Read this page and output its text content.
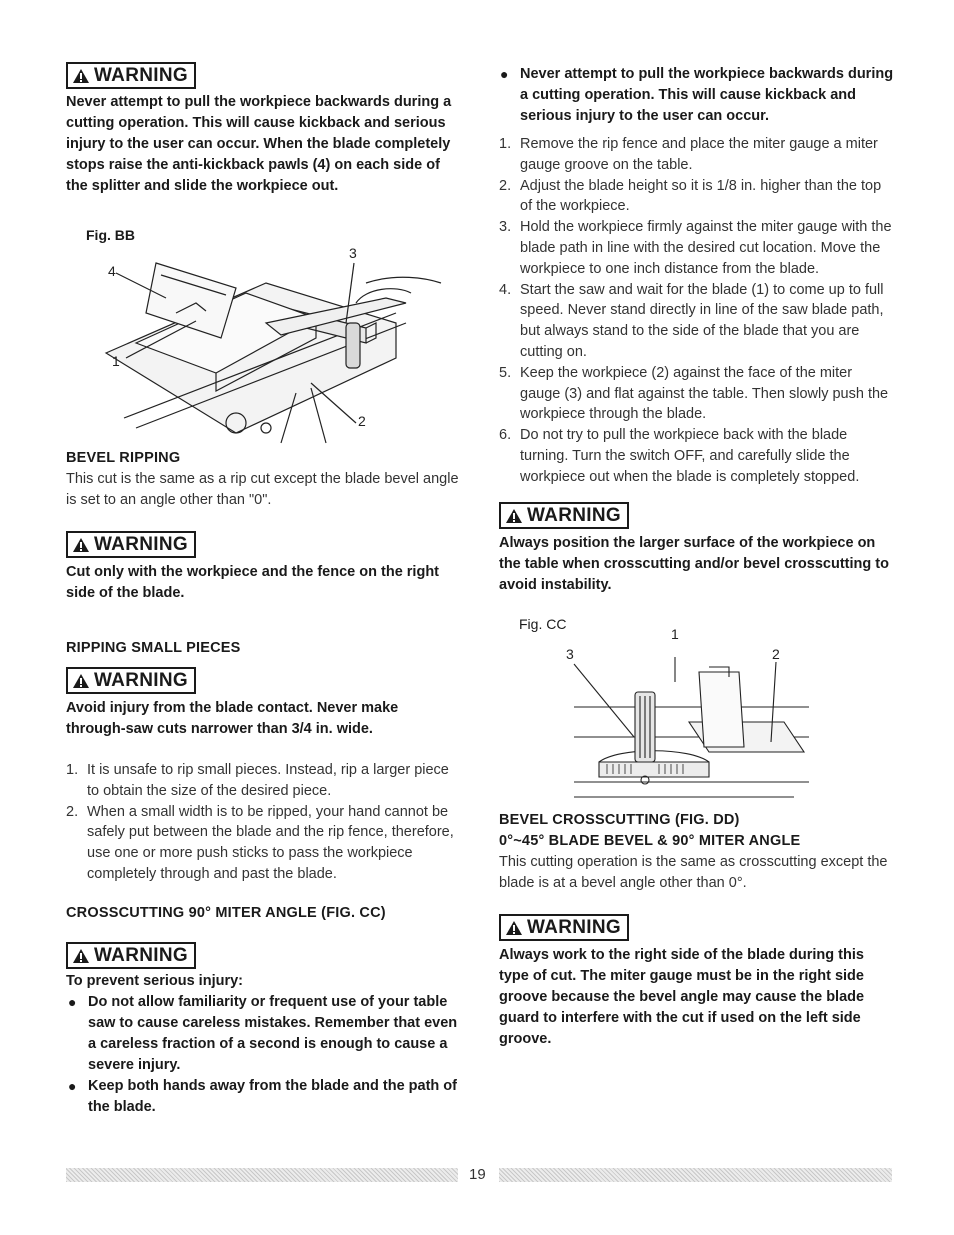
WARNING

Never attempt to pull the workpiece backwards during a cutting operation. This will cause kickback and serious injury to the user can occur. When the blade completely stops raise the anti-kickback pawls (4) on each side of the splitter and slide the workpiece out.

Fig. BB

4
1
3
2

BEVEL RIPPING

This cut is the same as a rip cut except the blade bevel angle is set to an angle other than "0".

WARNING

Cut only with the workpiece and the fence on the right side of the blade.

RIPPING SMALL PIECES

WARNING

Avoid injury from the blade contact. Never make through-saw cuts narrower than 3/4 in. wide.

1. It is unsafe to rip small pieces. Instead, rip a larger piece to obtain the size of the desired piece.
2. When a small width is to be ripped, your hand cannot be safely put between the blade and the rip fence, therefore, use one or more push sticks to pass the workpiece completely through and past the blade.

CROSSCUTTING 90° MITER ANGLE (FIG. CC)

WARNING

To prevent serious injury:

● Do not allow familiarity or frequent use of your table saw to cause careless mistakes. Remember that even a careless fraction of a second is enough to cause a severe injury.
● Keep both hands away from the blade and the path of the blade.
● Never attempt to pull the workpiece backwards during a cutting operation. This will cause kickback and serious injury to the user can occur.
1. Remove the rip fence and place the miter gauge a miter gauge groove on the table.
2. Adjust the blade height so it is 1/8 in. higher than the top of the workpiece.
3. Hold the workpiece firmly against the miter gauge with the blade path in line with the desired cut location. Move the workpiece to one inch distance from the blade.
4. Start the saw and wait for the blade (1) to come up to full speed. Never stand directly in line of the saw blade path, but always stand to the side of the blade that you are cutting on.
5. Keep the workpiece (2) against the face of the miter gauge (3) and flat against the table. Then slowly push the workpiece through the blade.
6. Do not try to pull the workpiece back with the blade turning. Turn the switch OFF, and carefully slide the workpiece out when the blade is completely stopped.
WARNING

Always position the larger surface of the workpiece on the table when crosscutting and/or bevel crosscutting to avoid instability.

Fig. CC

1
2
3

BEVEL CROSSCUTTING (FIG. DD)

0°~45° BLADE BEVEL & 90° MITER ANGLE

This cutting operation is the same as crosscutting except the blade is at a bevel angle other than 0°.

WARNING

Always work to the right side of the blade during this type of cut. The miter gauge must be in the right side groove because the bevel angle may cause the blade guard to interfere with the cut if used on the left side groove.

19
